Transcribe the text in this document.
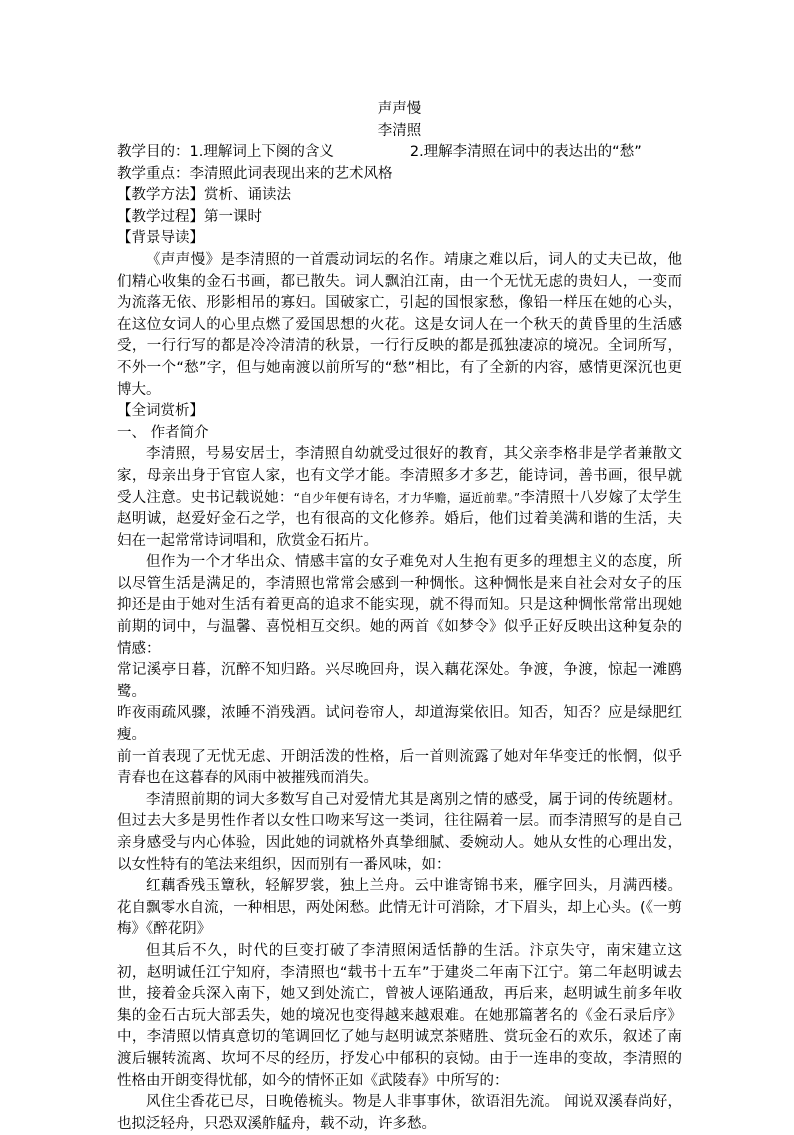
声声慢

李清照

教学目的：1.理解词上下阕的含义	2.理解李清照在词中的表达出的“愁”

教学重点：李清照此词表现出来的艺术风格

【教学方法】赏析、诵读法

【教学过程】第一课时

【背景导读】

《声声慢》是李清照的一首震动词坛的名作。靖康之难以后，词人的丈夫已故，他们精心收集的金石书画，都已散失。词人飘泊江南，由一个无忧无虑的贵妇人，一变而为流落无依、形影相吊的寡妇。国破家亡，引起的国恨家愁，像铅一样压在她的心头，在这位女词人的心里点燃了爱国思想的火花。这是女词人在一个秋天的黄昏里的生活感受，一行行写的都是冷冷清清的秋景，一行行反映的都是孤独凄凉的境况。全词所写，不外一个“愁”字，但与她南渡以前所写的“愁”相比，有了全新的内容，感情更深沉也更博大。

【全词赏析】

一、 作者简介

李清照，号易安居士，李清照自幼就受过很好的教育，其父亲李格非是学者兼散文家，母亲出身于官宦人家，也有文学才能。李清照多才多艺，能诗词，善书画，很早就受人注意。史书记载说她：“自少年便有诗名，才力华赡，逼近前辈。”李清照十八岁嫁了太学生赵明诚，赵爱好金石之学，也有很高的文化修养。婚后，他们过着美满和谐的生活，夫妇在一起常常诗词唱和，欣赏金石拓片。

但作为一个才华出众、情感丰富的女子难免对人生抱有更多的理想主义的态度，所以尽管生活是满足的，李清照也常常会感到一种惆怅。这种惆怅是来自社会对女子的压抑还是由于她对生活有着更高的追求不能实现，就不得而知。只是这种惆怅常常出现她前期的词中，与温馨、喜悦相互交织。她的两首《如梦令》似乎正好反映出这种复杂的情感：

常记溪亭日暮，沉醉不知归路。兴尽晚回舟，误入藕花深处。争渡，争渡，惊起一滩鸥鹭。

昨夜雨疏风骤，浓睡不消残酒。试问卷帘人，却道海棠依旧。知否，知否？应是绿肥红瘦。

前一首表现了无忧无虑、开朗活泼的性格，后一首则流露了她对年华变迁的怅惘，似乎青春也在这暮春的风雨中被摧残而消失。

李清照前期的词大多数写自己对爱情尤其是离别之情的感受，属于词的传统题材。但过去大多是男性作者以女性口吻来写这一类词，往往隔着一层。而李清照写的是自己亲身感受与内心体验，因此她的词就格外真挚细腻、委婉动人。她从女性的心理出发，以女性特有的笔法来组织，因而别有一番风味，如：

红藕香残玉簟秋，轻解罗裳，独上兰舟。云中谁寄锦书来，雁字回头，月满西楼。 花自飘零水自流，一种相思，两处闲愁。此情无计可消除，才下眉头，却上心头。(《一剪梅》《醉花阴》

但其后不久，时代的巨变打破了李清照闲适恬静的生活。汴京失守，南宋建立这初，赵明诚任江宁知府，李清照也“载书十五车”于建炎二年南下江宁。第二年赵明诚去世，接着金兵深入南下，她又到处流亡，曾被人诬陷通敌，再后来，赵明诚生前多年收集的金石古玩大部丢失，她的境况也变得越来越艰难。在她那篇著名的《金石录后序》中，李清照以情真意切的笔调回忆了她与赵明诚烹茶赌胜、赏玩金石的欢乐，叙述了南渡后辗转流离、坎坷不尽的经历，抒发心中郁积的哀恸。由于一连串的变故，李清照的性格由开朗变得忧郁，如今的情怀正如《武陵春》中所写的：

风住尘香花已尽，日晚倦梳头。物是人非事事休，欲语泪先流。 闻说双溪春尚好，也拟泛轻舟，只恐双溪舴艋舟，载不动，许多愁。
